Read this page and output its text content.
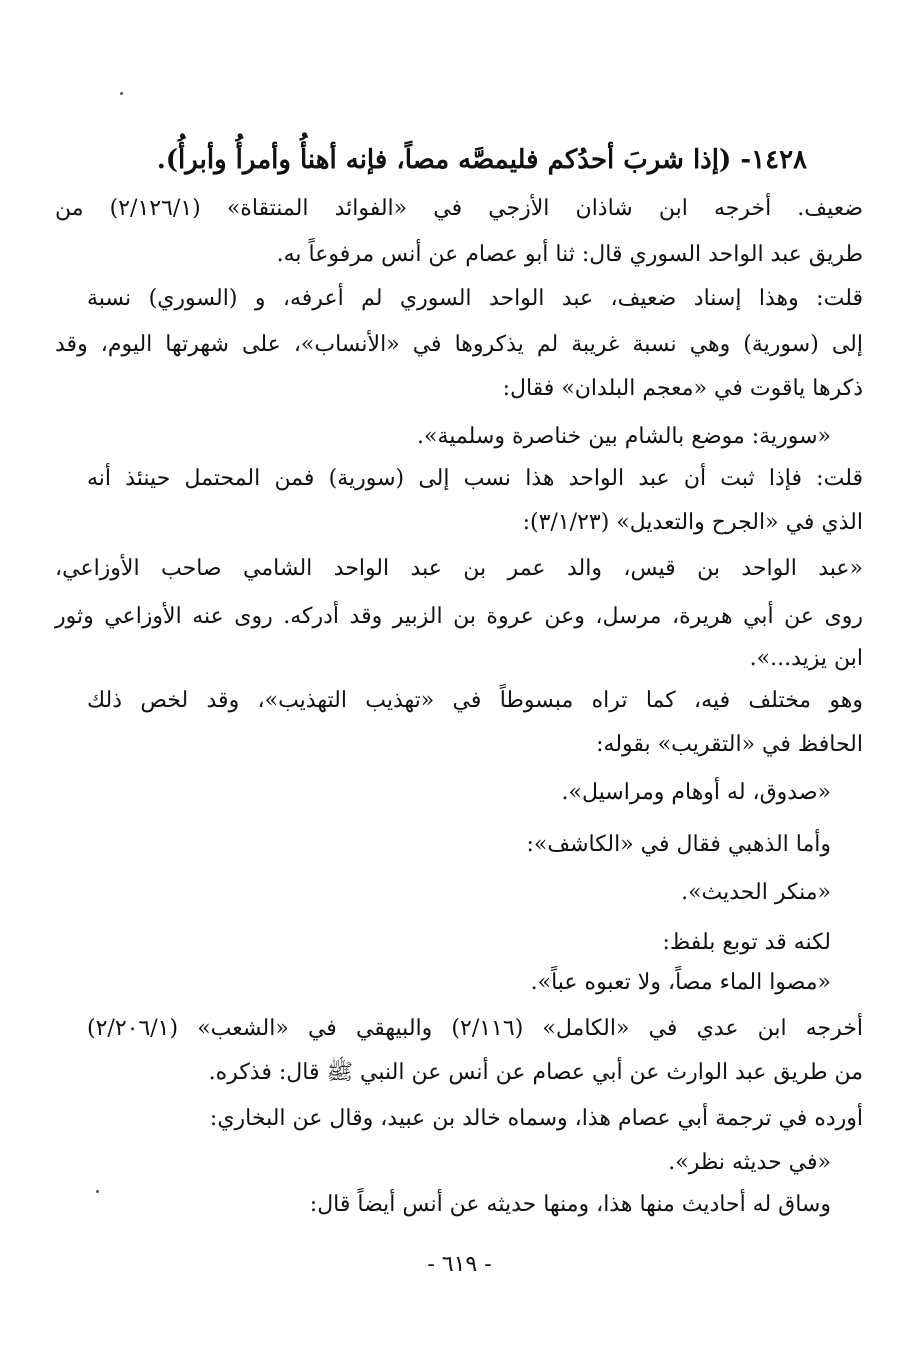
١٤٢٨- (إذا شربَ أحدُكم فليمصَّه مصاً، فإنه أهنأُ وأمرأُ وأبرأُ).
ضعيف. أخرجه ابن شاذان الأزجي في «الفوائد المنتقاة» (٢/١٢٦/١) من
طريق عبد الواحد السوري قال: ثنا أبو عصام عن أنس مرفوعاً به.
قلت: وهذا إسناد ضعيف، عبد الواحد السوري لم أعرفه، و (السوري) نسبة
إلى (سورية) وهي نسبة غريبة لم يذكروها في «الأنساب»، على شهرتها اليوم، وقد
ذكرها ياقوت في «معجم البلدان» فقال:
«سورية: موضع بالشام بين خناصرة وسلمية».
قلت: فإذا ثبت أن عبد الواحد هذا نسب إلى (سورية) فمن المحتمل حينئذ أنه
الذي في «الجرح والتعديل» (٣/١/٢٣):
«عبد الواحد بن قيس، والد عمر بن عبد الواحد الشامي صاحب الأوزاعي،
روى عن أبي هريرة، مرسل، وعن عروة بن الزبير وقد أدركه. روى عنه الأوزاعي وثور
ابن يزيد...».
وهو مختلف فيه، كما تراه مبسوطاً في «تهذيب التهذيب»، وقد لخص ذلك
الحافظ في «التقريب» بقوله:
«صدوق، له أوهام ومراسيل».
وأما الذهبي فقال في «الكاشف»:
«منكر الحديث».
لكنه قد توبع بلفظ:
«مصوا الماء مصاً، ولا تعبوه عباً».
أخرجه ابن عدي في «الكامل» (٢/١١٦) والبيهقي في «الشعب» (٢/٢٠٦/١)
من طريق عبد الوارث عن أبي عصام عن أنس عن النبي ﷺ قال: فذكره.
أورده في ترجمة أبي عصام هذا، وسماه خالد بن عبيد، وقال عن البخاري:
«في حديثه نظر».
وساق له أحاديث منها هذا، ومنها حديثه عن أنس أيضاً قال:
- ٦١٩ -
